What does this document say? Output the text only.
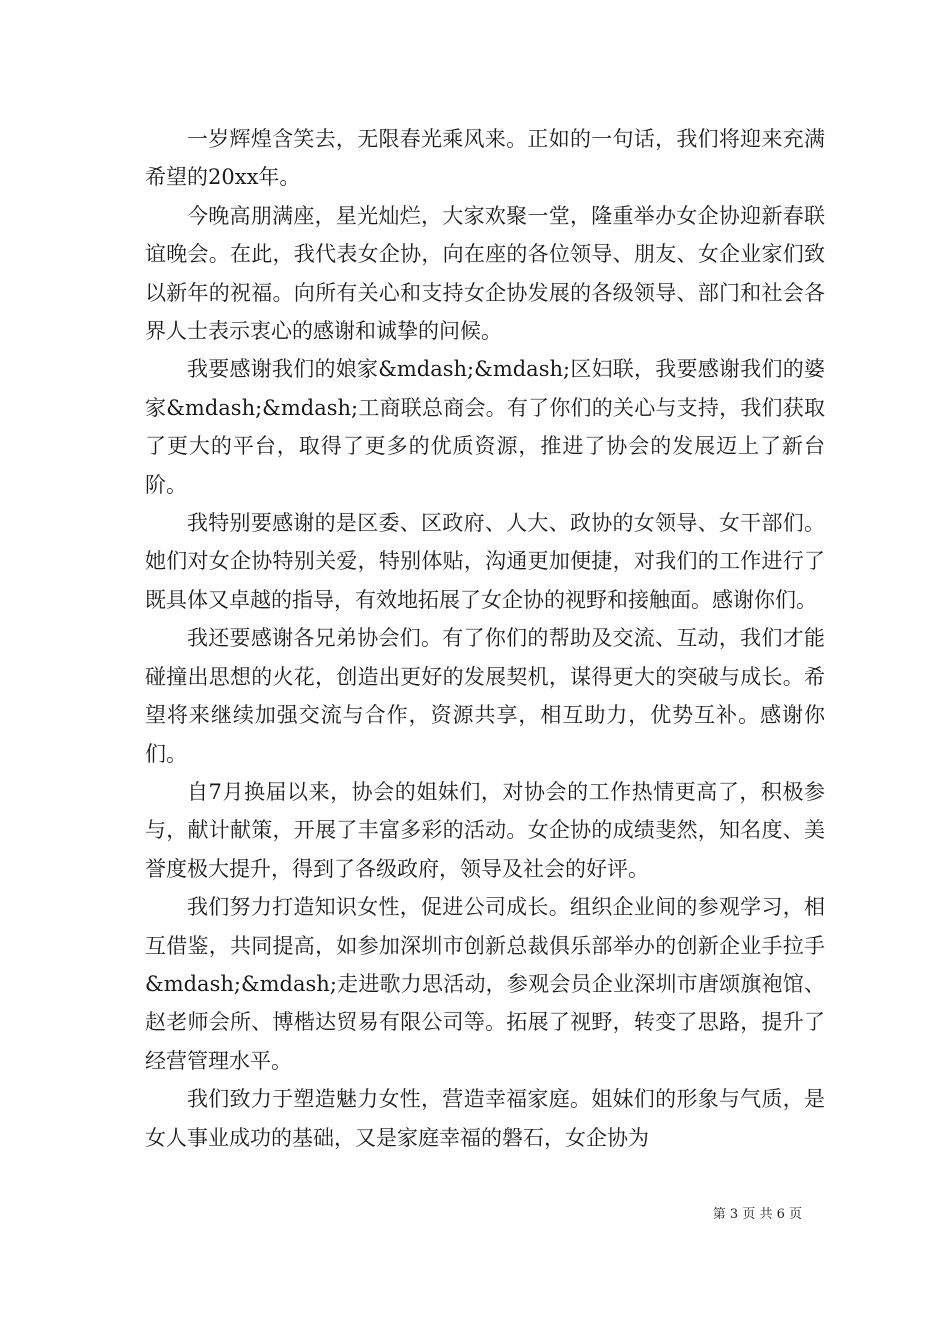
一岁辉煌含笑去，无限春光乘风来。正如的一句话，我们将迎来充满希望的20xx年。

今晚高朋满座，星光灿烂，大家欢聚一堂，隆重举办女企协迎新春联谊晚会。在此，我代表女企协，向在座的各位领导、朋友、女企业家们致以新年的祝福。向所有关心和支持女企协发展的各级领导、部门和社会各界人士表示衷心的感谢和诚挚的问候。

我要感谢我们的娘家&mdash;&mdash;区妇联，我要感谢我们的婆家&mdash;&mdash;工商联总商会。有了你们的关心与支持，我们获取了更大的平台，取得了更多的优质资源，推进了协会的发展迈上了新台阶。

我特别要感谢的是区委、区政府、人大、政协的女领导、女干部们。她们对女企协特别关爱，特别体贴，沟通更加便捷，对我们的工作进行了既具体又卓越的指导，有效地拓展了女企协的视野和接触面。感谢你们。

我还要感谢各兄弟协会们。有了你们的帮助及交流、互动，我们才能碰撞出思想的火花，创造出更好的发展契机，谋得更大的突破与成长。希望将来继续加强交流与合作，资源共享，相互助力，优势互补。感谢你们。

自7月换届以来，协会的姐妹们，对协会的工作热情更高了，积极参与，献计献策，开展了丰富多彩的活动。女企协的成绩斐然，知名度、美誉度极大提升，得到了各级政府，领导及社会的好评。

我们努力打造知识女性，促进公司成长。组织企业间的参观学习，相互借鉴，共同提高，如参加深圳市创新总裁俱乐部举办的创新企业手拉手&mdash;&mdash;走进歌力思活动，参观会员企业深圳市唐颂旗袍馆、赵老师会所、博楷达贸易有限公司等。拓展了视野，转变了思路，提升了经营管理水平。

我们致力于塑造魅力女性，营造幸福家庭。姐妹们的形象与气质，是女人事业成功的基础，又是家庭幸福的磐石，女企协为

第 3 页 共 6 页
